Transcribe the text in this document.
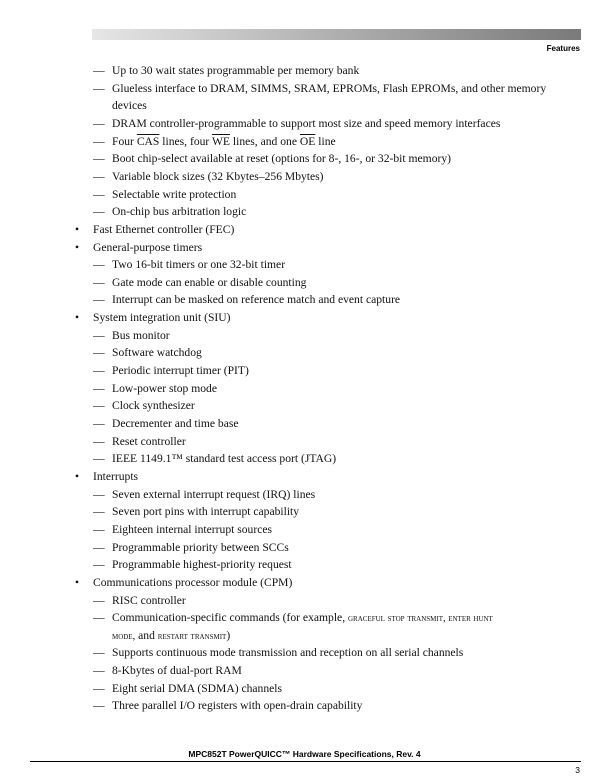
Features
— Up to 30 wait states programmable per memory bank
— Glueless interface to DRAM, SIMMS, SRAM, EPROMs, Flash EPROMs, and other memory
devices
— DRAM controller-programmable to support most size and speed memory interfaces
— Four $\overline{CAS}$ lines, four $\overline{WE}$ lines, and one $\overline{OE}$ line
— Boot chip-select available at reset (options for 8-, 16-, or 32-bit memory)
— Variable block sizes (32 Kbytes–256 Mbytes)
— Selectable write protection
— On-chip bus arbitration logic
• Fast Ethernet controller (FEC)
• General-purpose timers
— Two 16-bit timers or one 32-bit timer
— Gate mode can enable or disable counting
— Interrupt can be masked on reference match and event capture
• System integration unit (SIU)
— Bus monitor
— Software watchdog
— Periodic interrupt timer (PIT)
— Low-power stop mode
— Clock synthesizer
— Decrementer and time base
— Reset controller
— IEEE 1149.1™ standard test access port (JTAG)
• Interrupts
— Seven external interrupt request (IRQ) lines
— Seven port pins with interrupt capability
— Eighteen internal interrupt sources
— Programmable priority between SCCs
— Programmable highest-priority request
• Communications processor module (CPM)
— RISC controller
— Communication-specific commands (for example, graceful stop transmit, enter hunt
mode, and restart transmit)
— Supports continuous mode transmission and reception on all serial channels
— 8-Kbytes of dual-port RAM
— Eight serial DMA (SDMA) channels
— Three parallel I/O registers with open-drain capability
MPC852T PowerQUICC™ Hardware Specifications, Rev. 4
3
